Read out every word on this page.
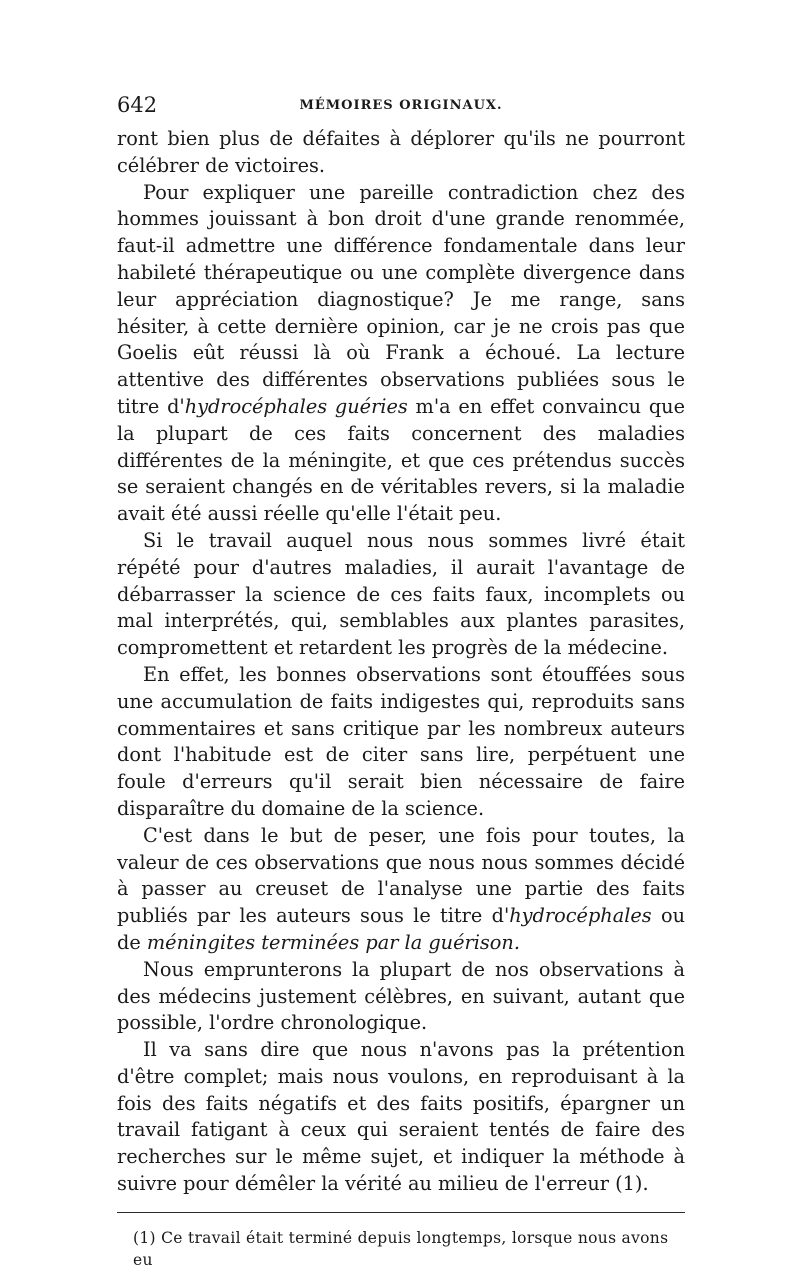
642	MÉMOIRES ORIGINAUX.

ront bien plus de défaites à déplorer qu'ils ne pourront célébrer de victoires.

Pour expliquer une pareille contradiction chez des hommes jouissant à bon droit d'une grande renommée, faut-il admettre une différence fondamentale dans leur habileté thérapeutique ou une complète divergence dans leur appréciation diagnostique? Je me range, sans hésiter, à cette dernière opinion, car je ne crois pas que Goelis eût réussi là où Frank a échoué. La lecture attentive des différentes observations publiées sous le titre d'hydrocéphales guéries m'a en effet convaincu que la plupart de ces faits concernent des maladies différentes de la méningite, et que ces prétendus succès se seraient changés en de véritables revers, si la maladie avait été aussi réelle qu'elle l'était peu.

Si le travail auquel nous nous sommes livré était répété pour d'autres maladies, il aurait l'avantage de débarrasser la science de ces faits faux, incomplets ou mal interprétés, qui, semblables aux plantes parasites, compromettent et retardent les progrès de la médecine.

En effet, les bonnes observations sont étouffées sous une accumulation de faits indigestes qui, reproduits sans commentaires et sans critique par les nombreux auteurs dont l'habitude est de citer sans lire, perpétuent une foule d'erreurs qu'il serait bien nécessaire de faire disparaître du domaine de la science.

C'est dans le but de peser, une fois pour toutes, la valeur de ces observations que nous nous sommes décidé à passer au creuset de l'analyse une partie des faits publiés par les auteurs sous le titre d'hydrocéphales ou de méningites terminées par la guérison.

Nous emprunterons la plupart de nos observations à des médecins justement célèbres, en suivant, autant que possible, l'ordre chronologique.

Il va sans dire que nous n'avons pas la prétention d'être complet; mais nous voulons, en reproduisant à la fois des faits négatifs et des faits positifs, épargner un travail fatigant à ceux qui seraient tentés de faire des recherches sur le même sujet, et indiquer la méthode à suivre pour démêler la vérité au milieu de l'erreur (1).

(1) Ce travail était terminé depuis longtemps, lorsque nous avons eu
